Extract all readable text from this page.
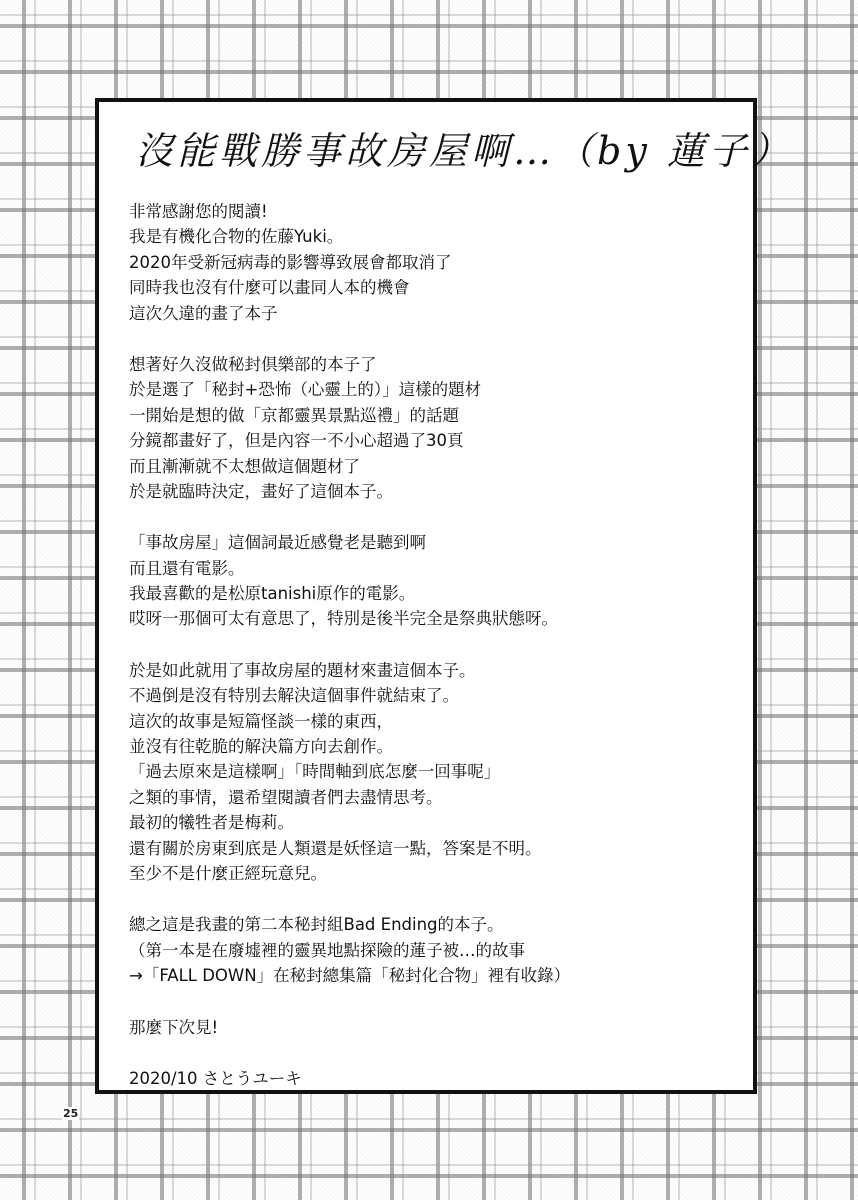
沒能戰勝事故房屋啊…（by 蓮子）
非常感謝您的閱讀!
我是有機化合物的佐藤Yuki。
2020年受新冠病毒的影響導致展會都取消了
同時我也沒有什麼可以畫同人本的機會
這次久違的畫了本子
想著好久沒做秘封倶樂部的本子了
於是選了「秘封+恐怖（心靈上的）」這樣的題材
一開始是想的做「京都靈異景點巡禮」的話題
分鏡都畫好了，但是內容一不小心超過了30頁
而且漸漸就不太想做這個題材了
於是就臨時決定，畫好了這個本子。
「事故房屋」這個詞最近感覺老是聽到啊
而且還有電影。
我最喜歡的是松原tanishi原作的電影。
哎呀一那個可太有意思了，特別是後半完全是祭典狀態呀。
於是如此就用了事故房屋的題材來畫這個本子。
不過倒是沒有特別去解決這個事件就結束了。
這次的故事是短篇怪談一樣的東西，
並沒有往乾脆的解決篇方向去創作。
「過去原來是這樣啊」「時間軸到底怎麼一回事呢」
之類的事情，還希望閱讀者們去盡情思考。
最初的犧牲者是梅莉。
還有關於房東到底是人類還是妖怪這一點，答案是不明。
至少不是什麼正經玩意兒。
總之這是我畫的第二本秘封組Bad Ending的本子。
（第一本是在廢墟裡的靈異地點探險的蓮子被…的故事
→「FALL DOWN」在秘封總集篇「秘封化合物」裡有收錄）
那麼下次見!
2020/10 さとうユーキ
25
